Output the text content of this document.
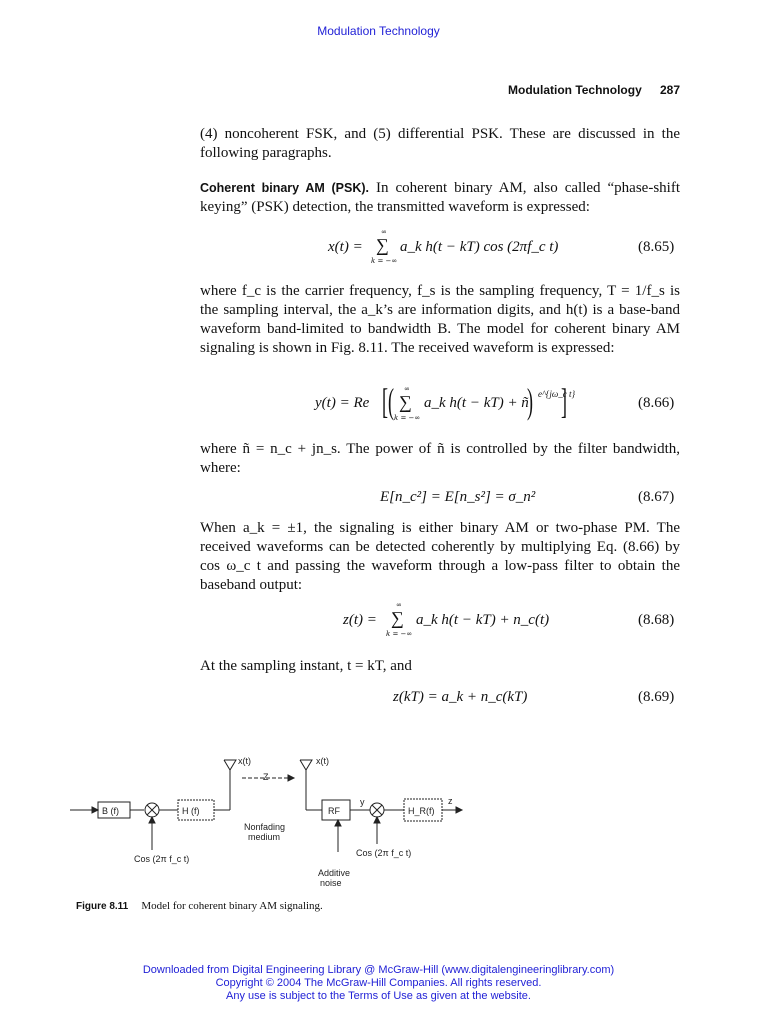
Modulation Technology
Modulation Technology 287
(4) noncoherent FSK, and (5) differential PSK. These are discussed in the following paragraphs.
Coherent binary AM (PSK). In coherent binary AM, also called “phase-shift keying” (PSK) detection, the transmitted waveform is expressed:
x(t) = ∑
∞
k = −∞
a_k h(t − kT) cos (2πf_c t)	(8.65)
where f_c is the carrier frequency, f_s is the sampling frequency, T = 1/f_s is the sampling interval, the a_k’s are information digits, and h(t) is a base-band waveform band-limited to bandwidth B. The model for coherent binary AM signaling is shown in Fig. 8.11. The received waveform is expressed:
y(t) = Re [( ∑
∞
k = −∞
a_k h(t − kT) + ñ
) e^{jω_c t}
]	(8.66)
where ñ = n_c + jn_s. The power of ñ is controlled by the filter bandwidth, where:
E[n_c²] = E[n_s²] = σ_n²	(8.67)
When a_k = ±1, the signaling is either binary AM or two-phase PM. The received waveforms can be detected coherently by multiplying Eq. (8.66) by cos ω_c t and passing the waveform through a low-pass filter to obtain the baseband output:
z(t) = ∑
∞
k = −∞
a_k h(t − kT) + n_c(t)	(8.68)
At the sampling instant, t = kT, and
z(kT) = a_k + n_c(kT)	(8.69)
B (f)	H (f)
x(t)	x(t)
Z
RF
y
H_R(f)
z
Nonfading
medium
Cos (2π f_c t)
Cos (2π f_c t)
Additive
noise
Figure 8.11 Model for coherent binary AM signaling.
Downloaded from Digital Engineering Library @ McGraw-Hill (www.digitalengineeringlibrary.com)
Copyright © 2004 The McGraw-Hill Companies. All rights reserved.
Any use is subject to the Terms of Use as given at the website.
